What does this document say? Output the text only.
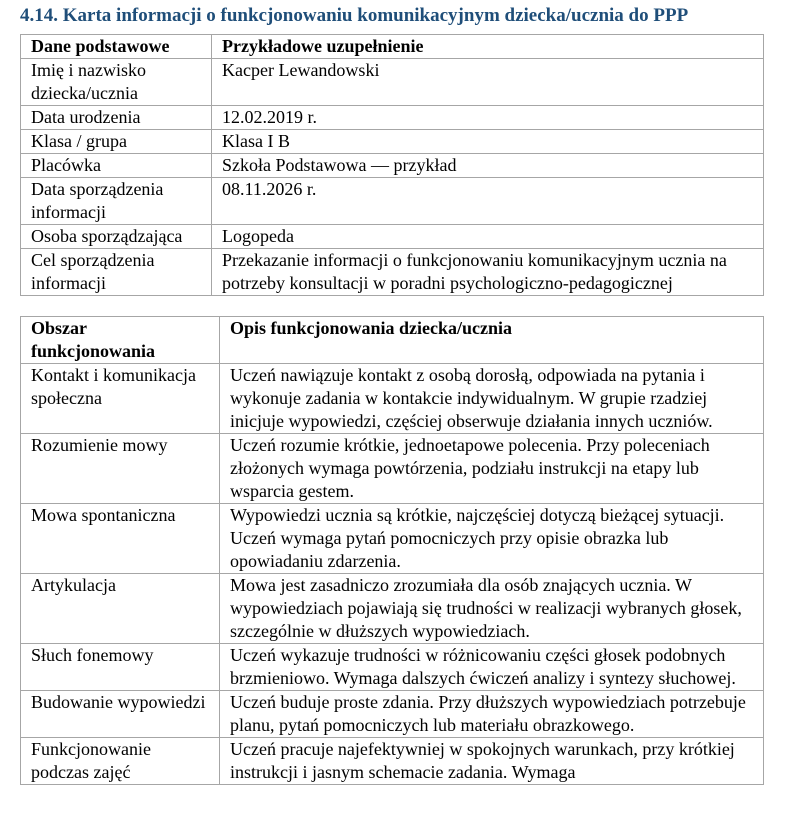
4.14. Karta informacji o funkcjonowaniu komunikacyjnym dziecka/ucznia do PPP
Dane podstawowe	Przykładowe uzupełnienie
Imię i nazwisko dziecka/ucznia	Kacper Lewandowski
Data urodzenia	12.02.2019 r.
Klasa / grupa	Klasa I B
Placówka	Szkoła Podstawowa — przykład
Data sporządzenia informacji	08.11.2026 r.
Osoba sporządzająca	Logopeda
Cel sporządzenia informacji	Przekazanie informacji o funkcjonowaniu komunikacyjnym ucznia na potrzeby konsultacji w poradni psychologiczno-pedagogicznej
Obszar funkcjonowania	Opis funkcjonowania dziecka/ucznia
Kontakt i komunikacja społeczna	Uczeń nawiązuje kontakt z osobą dorosłą, odpowiada na pytania i wykonuje zadania w kontakcie indywidualnym. W grupie rzadziej inicjuje wypowiedzi, częściej obserwuje działania innych uczniów.
Rozumienie mowy	Uczeń rozumie krótkie, jednoetapowe polecenia. Przy poleceniach złożonych wymaga powtórzenia, podziału instrukcji na etapy lub wsparcia gestem.
Mowa spontaniczna	Wypowiedzi ucznia są krótkie, najczęściej dotyczą bieżącej sytuacji. Uczeń wymaga pytań pomocniczych przy opisie obrazka lub opowiadaniu zdarzenia.
Artykulacja	Mowa jest zasadniczo zrozumiała dla osób znających ucznia. W wypowiedziach pojawiają się trudności w realizacji wybranych głosek, szczególnie w dłuższych wypowiedziach.
Słuch fonemowy	Uczeń wykazuje trudności w różnicowaniu części głosek podobnych brzmieniowo. Wymaga dalszych ćwiczeń analizy i syntezy słuchowej.
Budowanie wypowiedzi	Uczeń buduje proste zdania. Przy dłuższych wypowiedziach potrzebuje planu, pytań pomocniczych lub materiału obrazkowego.
Funkcjonowanie podczas zajęć	Uczeń pracuje najefektywniej w spokojnych warunkach, przy krótkiej instrukcji i jasnym schemacie zadania. Wymaga
